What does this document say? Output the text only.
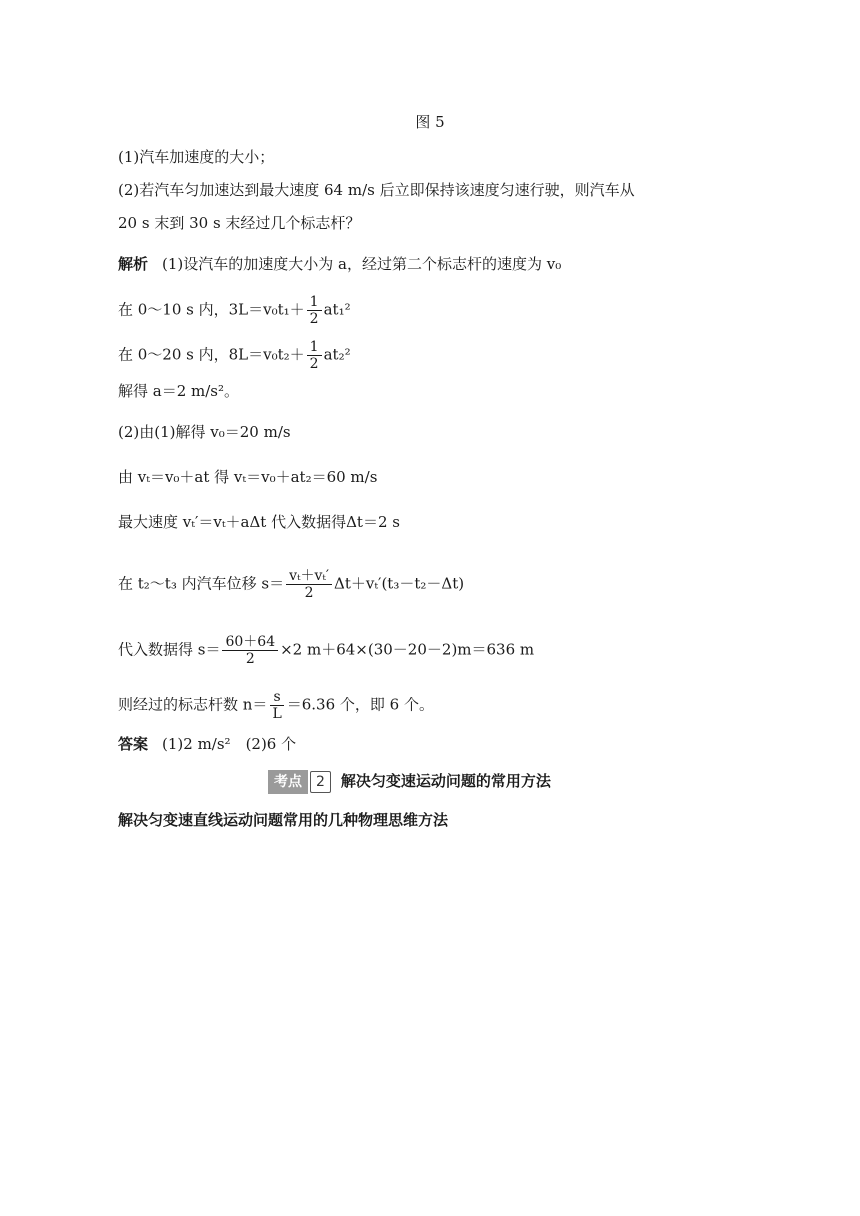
图 5
(1)汽车加速度的大小；
(2)若汽车匀加速达到最大速度 64 m/s 后立即保持该速度匀速行驶，则汽车从
20 s 末到 30 s 末经过几个标志杆？
解析 (1)设汽车的加速度大小为 a，经过第二个标志杆的速度为 v₀
在 0～10 s 内，$3L=v_0t_1+ \frac{1}{2} at_1^2$
在 0～20 s 内，$8L=v_0t_2+ \frac{1}{2} at_2^2$
解得 a＝2 m/s²。
(2)由(1)解得 v₀＝20 m/s
由 vₜ＝v₀＋at 得 vₜ＝v₀＋at₂＝60 m/s
最大速度 vₜ′＝vₜ＋aΔt 代入数据得Δt＝2 s
在 t₂～t₃ 内汽车位移 $s= \frac{\text{vₜ＋vₜ′}}{2} \Delta t+v_t'(t_3-t_2-\Delta t)$
代入数据得 $s= \frac{60+64}{2} \times 2$ m＋64×(30－20－2)m＝636 m
则经过的标志杆数 $n= \frac{s}{L} =6.36$ 个，即 6 个。
答案 (1)2 m/s²　(2)6 个
考点	2	解决匀变速运动问题的常用方法
解决匀变速直线运动问题常用的几种物理思维方法
